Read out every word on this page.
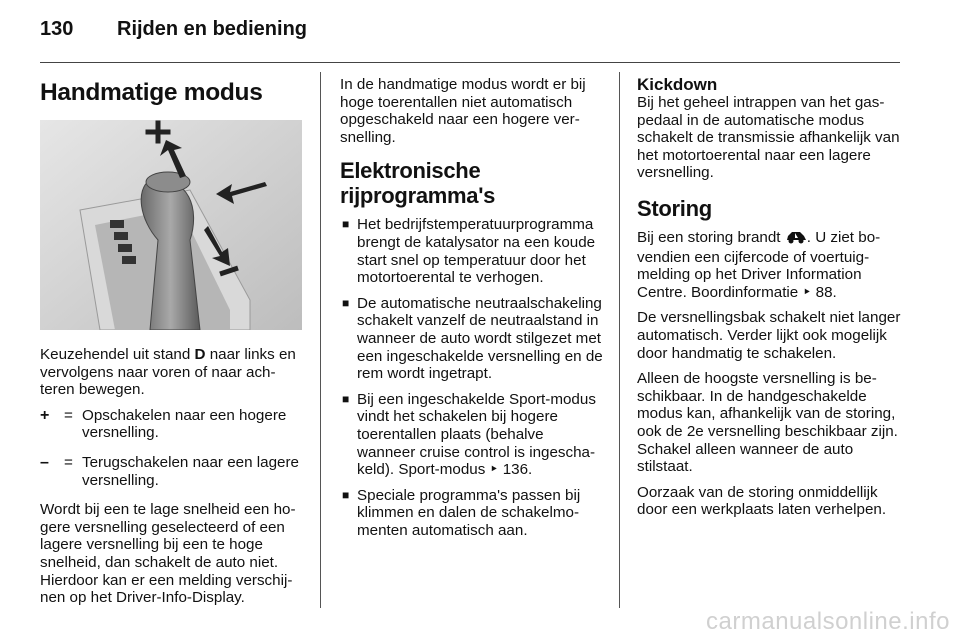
130 Rijden en bediening
Handmatige modus

Keuzehendel uit stand D naar links en vervolgens naar voren of naar achteren bewegen.

+ = Opschakelen naar een hogere versnelling.
– = Terugschakelen naar een lagere versnelling.

Wordt bij een te lage snelheid een hogere versnelling geselecteerd of een lagere versnelling bij een te hoge snelheid, dan schakelt de auto niet. Hierdoor kan er een melding verschijnen op het Driver-Info-Display.

In de handmatige modus wordt er bij hoge toerentallen niet automatisch opgeschakeld naar een hogere versnelling.

Elektronische rijprogramma's
■ Het bedrijfstemperatuurprogramma brengt de katalysator na een koude start snel op temperatuur door het motortoerental te verhogen.
■ De automatische neutraalschakeling schakelt vanzelf de neutraalstand in wanneer de auto wordt stilgezet met een ingeschakelde versnelling en de rem wordt ingetrapt.
■ Bij een ingeschakelde Sport-modus vindt het schakelen bij hogere toerentallen plaats (behalve wanneer cruise control is ingeschakeld). Sport-modus ‣ 136.
■ Speciale programma's passen bij klimmen en dalen de schakelmomenten automatisch aan.
Kickdown

Bij het geheel intrappen van het gaspedaal in de automatische modus schakelt de transmissie afhankelijk van het motortoerental naar een lagere versnelling.

Storing

Bij een storing brandt . U ziet bovendien een cijfercode of voertuigmelding op het Driver Information Centre. Boordinformatie ‣ 88.

De versnellingsbak schakelt niet langer automatisch. Verder lijkt ook mogelijk door handmatig te schakelen.

Alleen de hoogste versnelling is beschikbaar. In de handgeschakelde modus kan, afhankelijk van de storing, ook de 2e versnelling beschikbaar zijn. Schakel alleen wanneer de auto stilstaat.

Oorzaak van de storing onmiddellijk door een werkplaats laten verhelpen.

carmanualsonline.info
